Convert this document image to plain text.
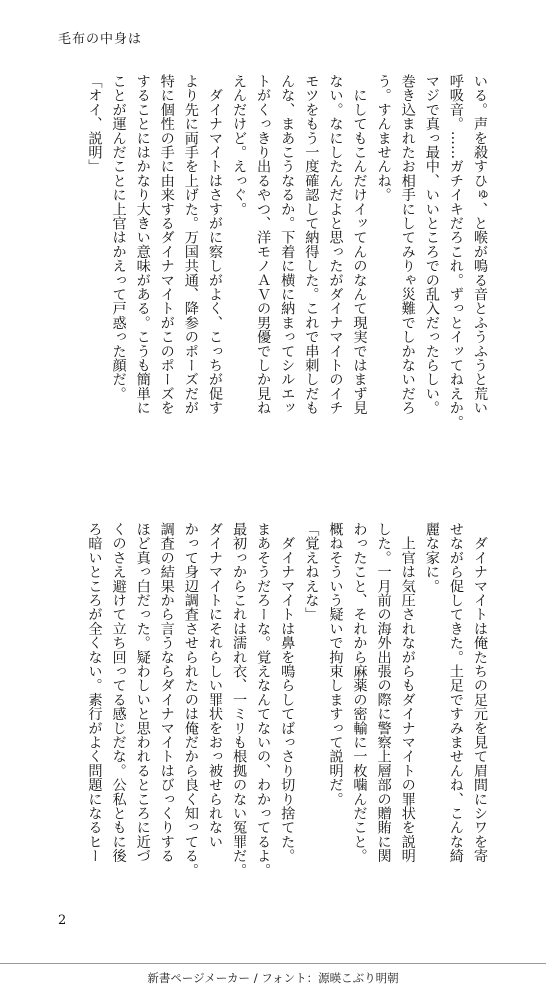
毛布の中身は
いる。声を殺すひゅ、と喉が鳴る音とふうふうと荒い
呼吸音。……ガチイキだろこれ。ずっとイッてねえか。
マジで真っ最中、いいところでの乱入だったらしい。
巻き込まれたお相手にしてみりゃ災難でしかないだろ
う。すんませんね。
　にしてもこんだけイッてんのなんて現実ではまず見
ない。なにしたんだよと思ったがダイナマイトのイチ
モツをもう一度確認して納得した。これで串刺しだも
んな、まあこうなるか。下着に横に納まってシルエッ
トがくっきり出るやつ、洋モノＡＶの男優でしか見ね
えんだけど。えっぐ。
　ダイナマイトはさすがに察しがよく、こっちが促す
より先に両手を上げた。万国共通、降参のポーズだが
特に個性の手に由来するダイナマイトがこのポーズを
することにはかなり大きい意味がある。こうも簡単に
ことが運んだことに上官はかえって戸惑った顔だ。
「オイ、説明」
　ダイナマイトは俺たちの足元を見て眉間にシワを寄
せながら促してきた。土足ですみませんね、こんな綺
麗な家に。
　上官は気圧されながらもダイナマイトの罪状を説明
した。一月前の海外出張の際に警察上層部の贈賄に関
わったこと、それから麻薬の密輸に一枚噛んだこと。
概ねそういう疑いで拘束しますって説明だ。
「覚えねえな」
　ダイナマイトは鼻を鳴らしてばっさり切り捨てた。
まあそうだろーな。覚えなんてないの、わかってるよ。
最初っからこれは濡れ衣、一ミリも根拠のない冤罪だ。
ダイナマイトにそれらしい罪状をおっ被せられない
かって身辺調査させられたのは俺だから良く知ってる。
調査の結果から言うならダイナマイトはびっくりする
ほど真っ白だった。疑わしいと思われるところに近づ
くのさえ避けて立ち回ってる感じだな。公私ともに後
ろ暗いところが全くない。素行がよく問題になるヒー
2
新書ページメーカー / フォント：源暎こぶり明朝
